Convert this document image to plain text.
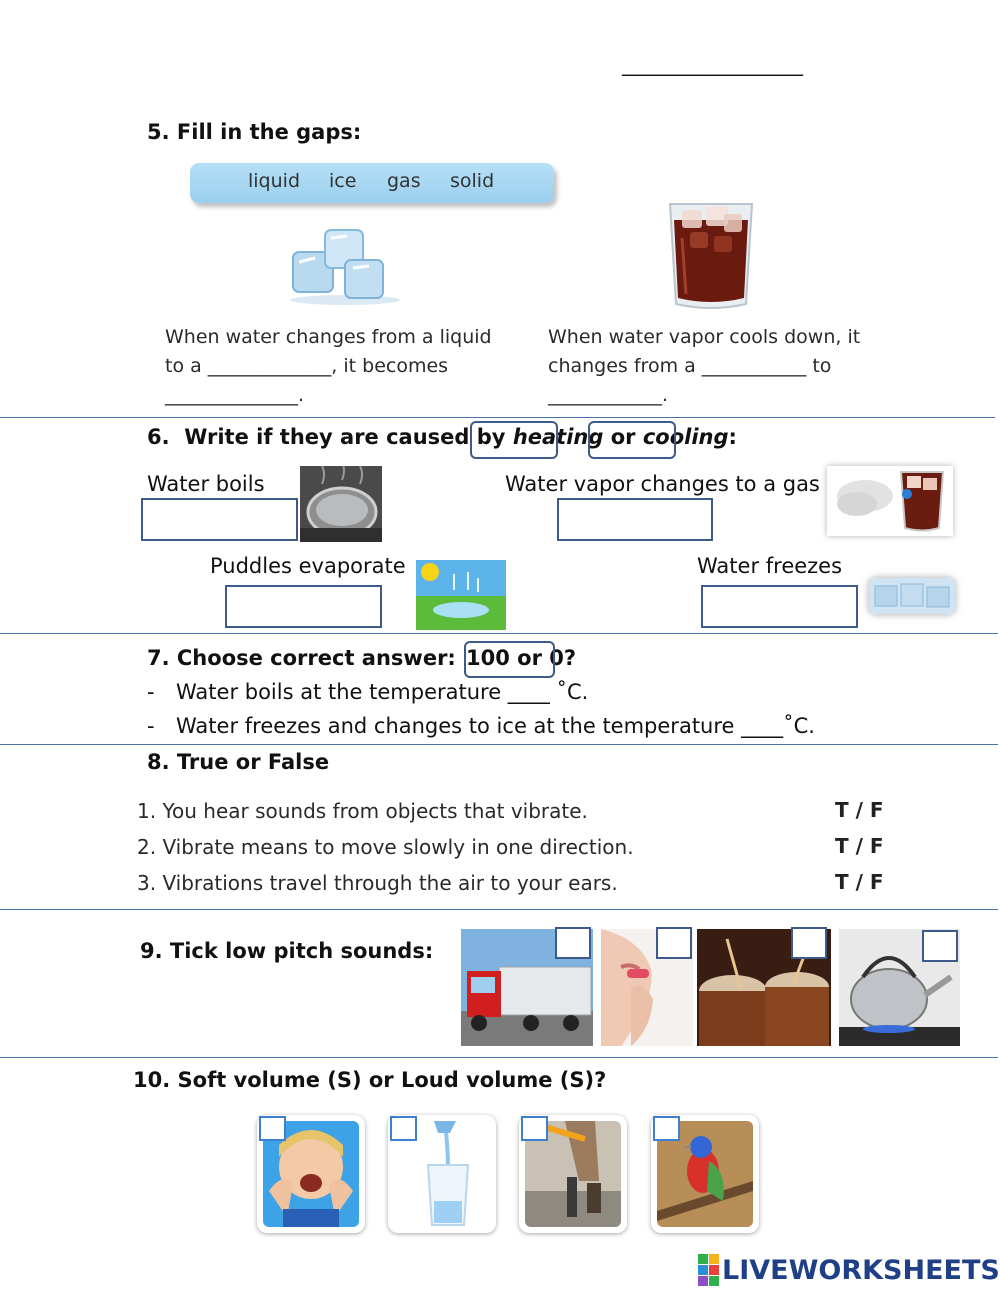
____________________
5. Fill in the gaps:
liquid ice gas solid
When water changes from a liquid
to a _____________, it becomes
______________.
When water vapor cools down, it
changes from a ___________ to
____________.
6.  Write if they are caused by heating or cooling:
Water boils	Water vapor changes to a gas
Puddles evaporate	Water freezes
7. Choose correct answer: 100 or 0?
- Water boils at the temperature ____ ˚C.
- Water freezes and changes to ice at the temperature ____˚C.
8. True or False
1. You hear sounds from objects that vibrate.	T / F
2. Vibrate means to move slowly in one direction.	T / F
3. Vibrations travel through the air to your ears.	T / F
9. Tick low pitch sounds:
10. Soft volume (S) or Loud volume (S)?
LIVEWORKSHEETS
